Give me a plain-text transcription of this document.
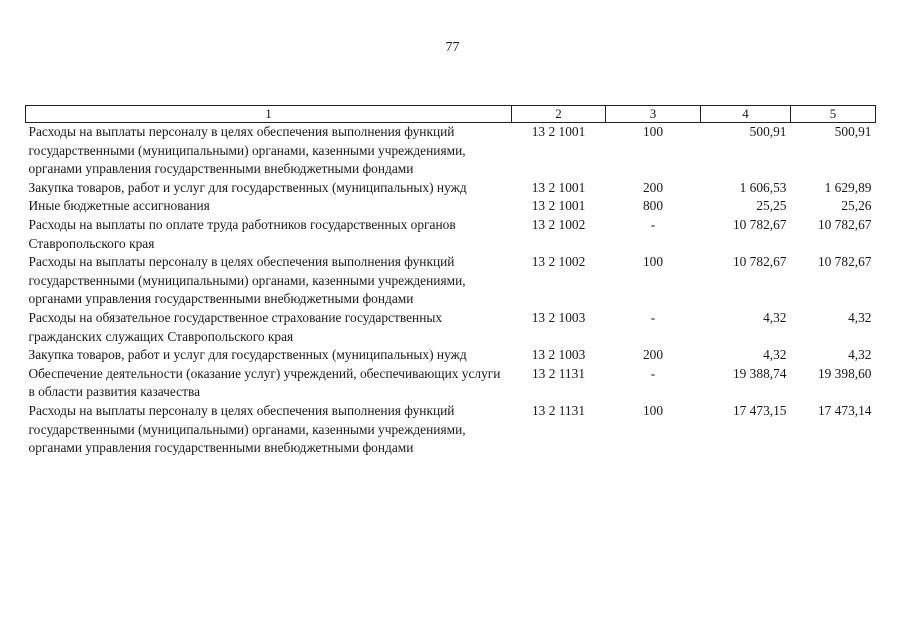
77
1	2	3	4	5
Расходы на выплаты персоналу в целях обеспечения выполнения функций государственными (муниципальными) органами, казенными учреждениями, органами управления государственными внебюджетными фондами	13 2 1001	100	500,91	500,91
Закупка товаров, работ и услуг для государственных (муниципальных) нужд	13 2 1001	200	1 606,53	1 629,89
Иные бюджетные ассигнования	13 2 1001	800	25,25	25,26
Расходы на выплаты по оплате труда работников государственных органов Ставропольского края	13 2 1002	-	10 782,67	10 782,67
Расходы на выплаты персоналу в целях обеспечения выполнения функций государственными (муниципальными) органами, казенными учреждениями, органами управления государственными внебюджетными фондами	13 2 1002	100	10 782,67	10 782,67
Расходы на обязательное государственное страхование государственных гражданских служащих Ставропольского края	13 2 1003	-	4,32	4,32
Закупка товаров, работ и услуг для государственных (муниципальных) нужд	13 2 1003	200	4,32	4,32
Обеспечение деятельности (оказание услуг) учреждений, обеспечивающих услуги в области развития казачества	13 2 1131	-	19 388,74	19 398,60
Расходы на выплаты персоналу в целях обеспечения выполнения функций государственными (муниципальными) органами, казенными учреждениями, органами управления государственными внебюджетными фондами	13 2 1131	100	17 473,15	17 473,14
